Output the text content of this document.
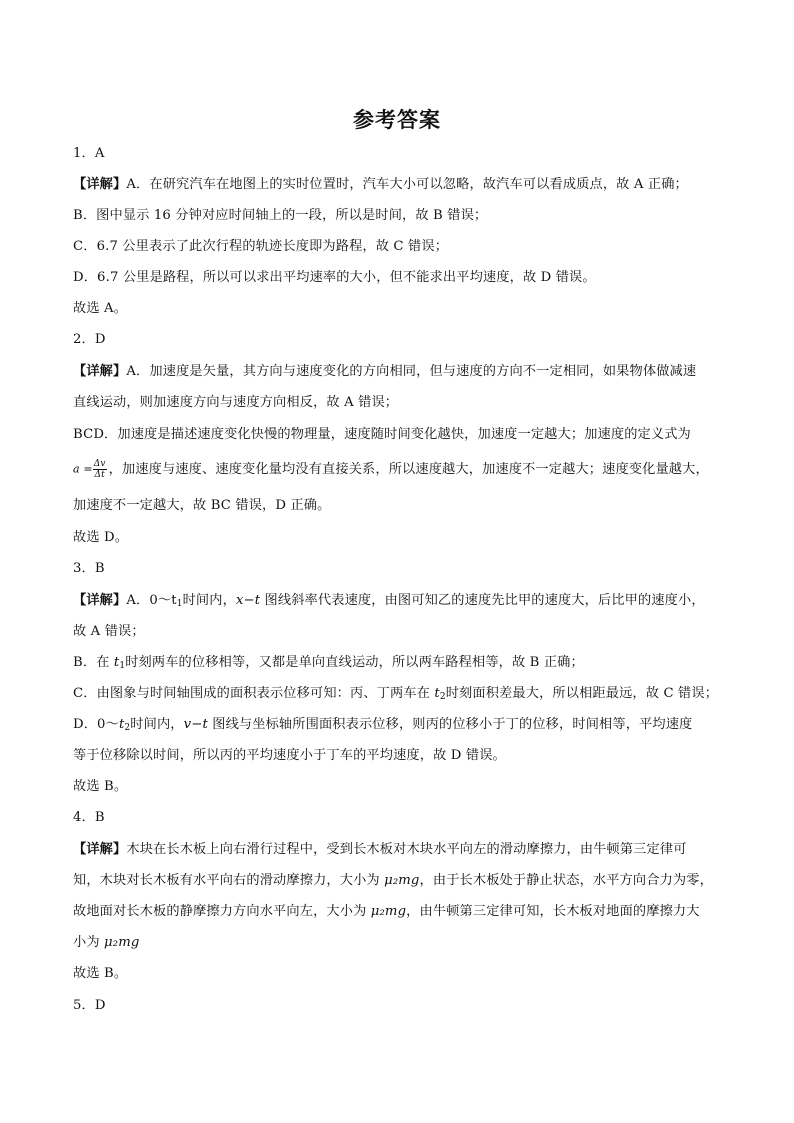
参考答案
1．A
【详解】A．在研究汽车在地图上的实时位置时，汽车大小可以忽略，故汽车可以看成质点，故 A 正确；
B．图中显示 16 分钟对应时间轴上的一段，所以是时间，故 B 错误；
C．6.7 公里表示了此次行程的轨迹长度即为路程，故 C 错误；
D．6.7 公里是路程，所以可以求出平均速率的大小，但不能求出平均速度，故 D 错误。
故选 A。
2．D
【详解】A．加速度是矢量，其方向与速度变化的方向相同，但与速度的方向不一定相同，如果物体做减速
直线运动，则加速度方向与速度方向相反，故 A 错误；
BCD．加速度是描述速度变化快慢的物理量，速度随时间变化越快，加速度一定越大；加速度的定义式为
$a = \frac{\Delta v}{\Delta t}$ ，加速度与速度、速度变化量均没有直接关系，所以速度越大，加速度不一定越大；速度变化量越大，
加速度不一定越大，故 BC 错误，D 正确。
故选 D。
3．B
【详解】A．$0\sim t_1$时间内，x−t 图线斜率代表速度，由图可知乙的速度先比甲的速度大，后比甲的速度小，
故 A 错误；
B．在 $t_1$时刻两车的位移相等，又都是单向直线运动，所以两车路程相等，故 B 正确；
C．由图象与时间轴围成的面积表示位移可知：丙、丁两车在 $t_2$时刻面积差最大，所以相距最远，故 C 错误；
D．$0\sim t_2$时间内，v−t 图线与坐标轴所围面积表示位移，则丙的位移小于丁的位移，时间相等，平均速度
等于位移除以时间，所以丙的平均速度小于丁车的平均速度，故 D 错误。
故选 B。
4．B
【详解】木块在长木板上向右滑行过程中，受到长木板对木块水平向左的滑动摩擦力，由牛顿第三定律可
知，木块对长木板有水平向右的滑动摩擦力，大小为 μ₂mg，由于长木板处于静止状态，水平方向合力为零，
故地面对长木板的静摩擦力方向水平向左，大小为 μ₂mg，由牛顿第三定律可知，长木板对地面的摩擦力大
小为 μ₂mg
故选 B。
5．D
